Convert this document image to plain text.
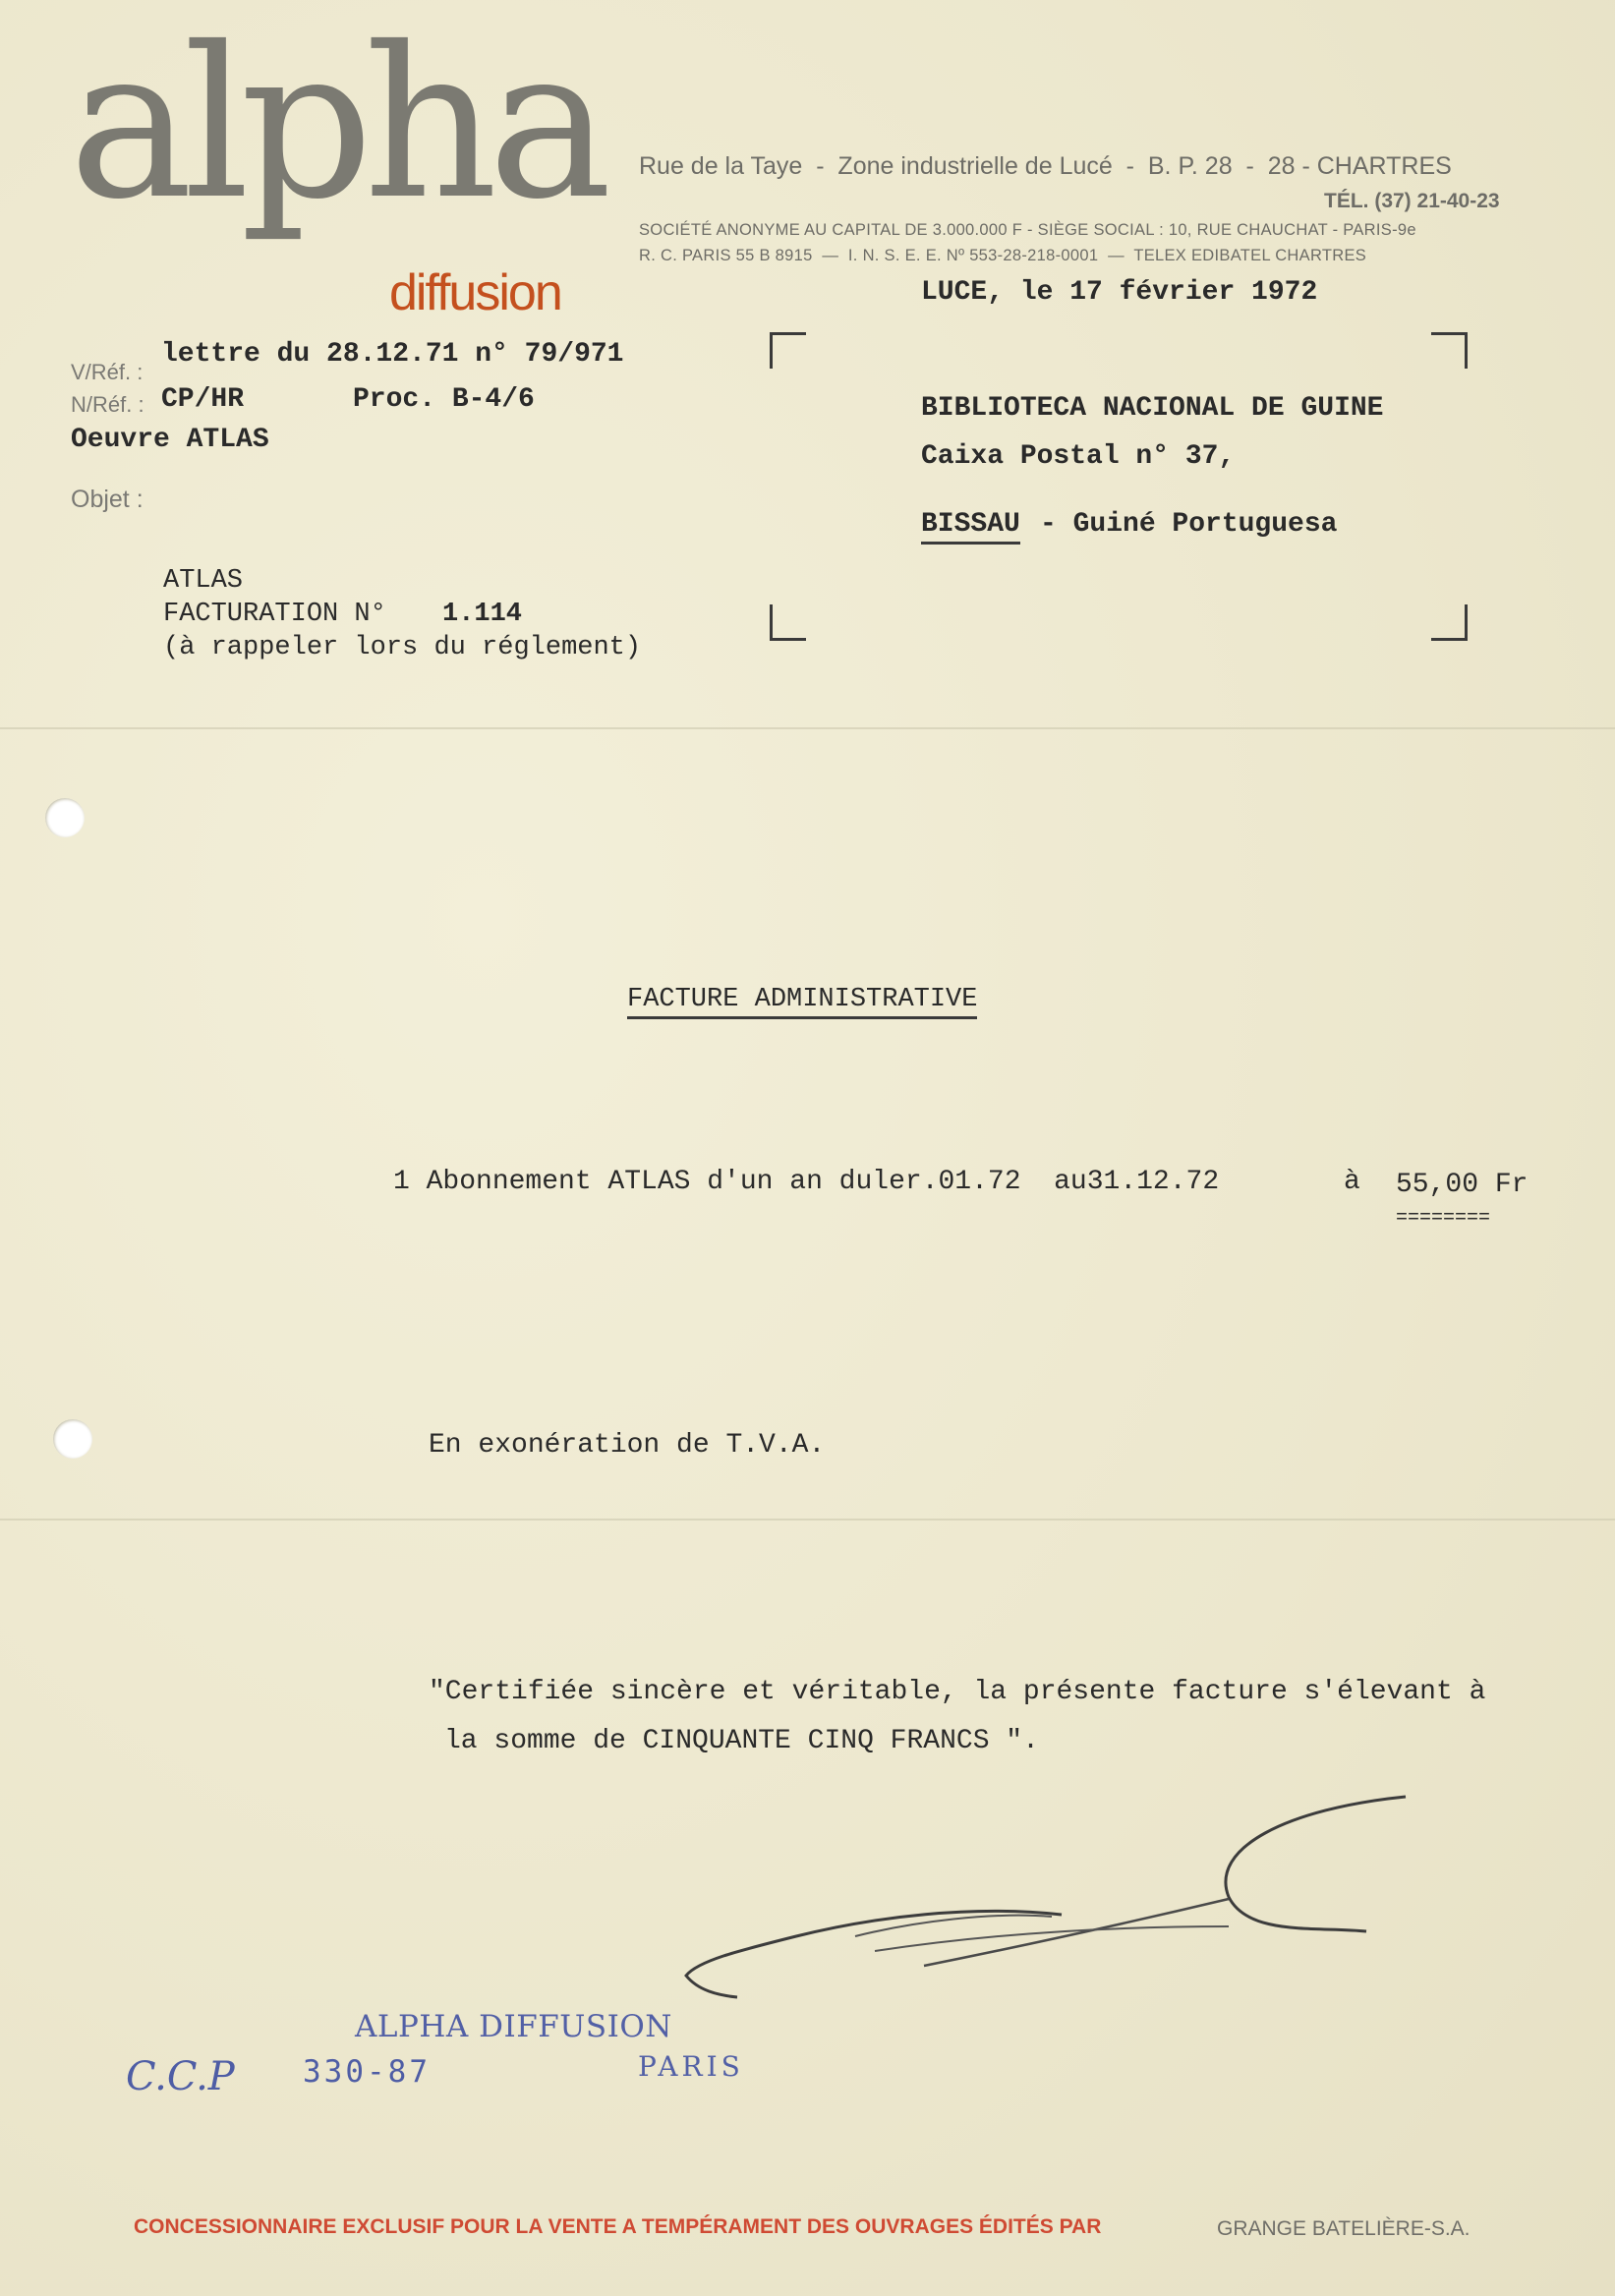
alpha
diffusion
Rue de la Taye  -  Zone industrielle de Lucé  -  B. P. 28  -  28 - CHARTRES
TÉL. (37) 21-40-23
SOCIÉTÉ ANONYME AU CAPITAL DE 3.000.000 F - SIÈGE SOCIAL : 10, RUE CHAUCHAT - PARIS-9e
R. C. PARIS 55 B 8915  —  I. N. S. E. E. Nº 553-28-218-0001  —  TELEX EDIBATEL CHARTRES
LUCE, le 17 février 1972
V/Réf. :
lettre du 28.12.71 n° 79/971
N/Réf. : CP/HR	Proc. B-4/6
Oeuvre ATLAS
Objet :
BIBLIOTECA NACIONAL DE GUINE
Caixa Postal n° 37,
BISSAU - Guiné Portuguesa
ATLAS
FACTURATION N° 1.114
(à rappeler lors du réglement)
FACTURE ADMINISTRATIVE
1 Abonnement ATLAS d'un an duler.01.72  au31.12.72	à 55,00 Fr
========
En exonération de T.V.A.
"Certifiée sincère et véritable, la présente facture s'élevant à
la somme de CINQUANTE CINQ FRANCS ".
ALPHA DIFFUSION
PARIS
C.C.P 330-87
CONCESSIONNAIRE EXCLUSIF POUR LA VENTE A TEMPÉRAMENT DES OUVRAGES ÉDITÉS PAR	GRANGE BATELIÈRE-S.A.
